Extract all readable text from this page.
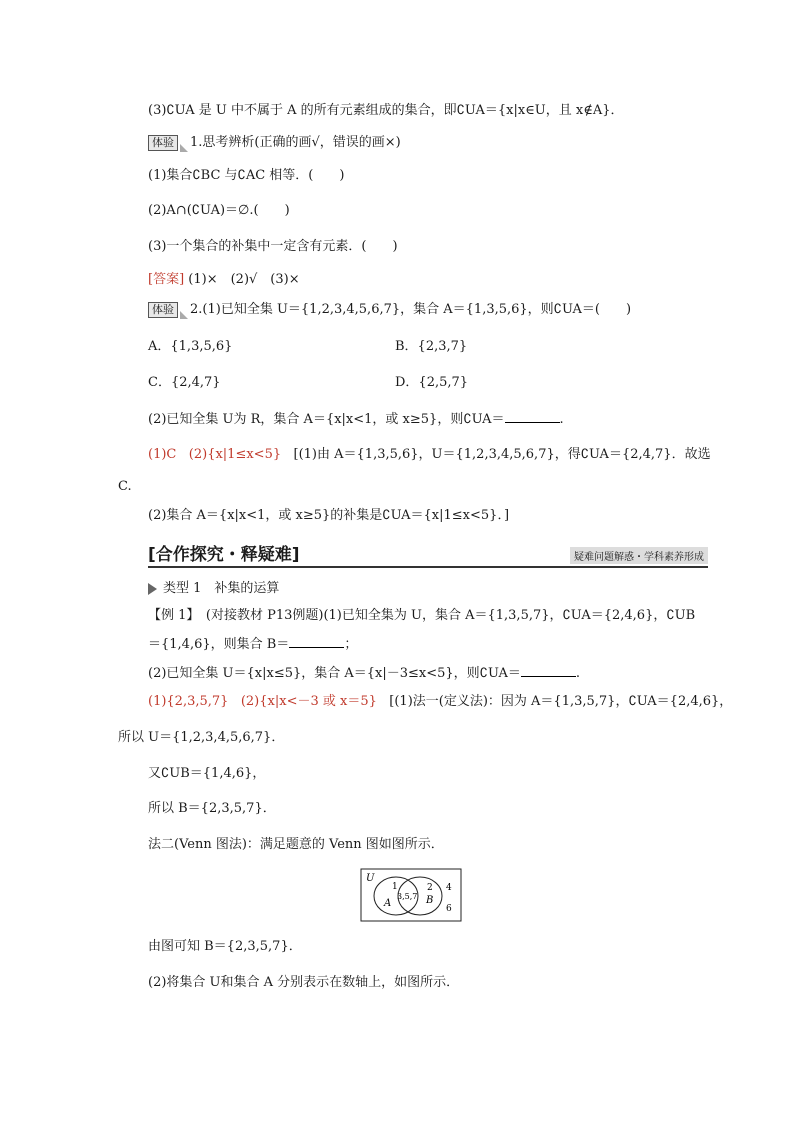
(3)∁UA 是 U 中不属于 A 的所有元素组成的集合，即∁UA＝{x|x∈U，且 x∉A}．
体验 1.思考辨析(正确的画√，错误的画×)
(1)集合∁BC 与∁AC 相等．(　　)
(2)A∩(∁UA)＝∅.(　　)
(3)一个集合的补集中一定含有元素．(　　)
[答案] (1)×　(2)√　(3)×
体验 2.(1)已知全集 U＝{1,2,3,4,5,6,7}，集合 A＝{1,3,5,6}，则∁UA＝(　　)
A．{1,3,5,6}	B．{2,3,7}
C．{2,4,7}	D．{2,5,7}
(2)已知全集 U为 R，集合 A＝{x|x<1，或 x≥5}，则∁UA＝	.
(1)C (2){x|1≤x<5} [(1)由 A＝{1,3,5,6}，U＝{1,2,3,4,5,6,7}，得∁UA＝{2,4,7}．故选
C.
(2)集合 A＝{x|x<1，或 x≥5}的补集是∁UA＝{x|1≤x<5}．]
[合作探究・释疑难]	疑难问题解惑・学科素养形成
类型 1　补集的运算
【例 1】　(对接教材 P13例题)(1)已知全集为 U，集合 A＝{1,3,5,7}，∁UA＝{2,4,6}，∁UB
＝{1,4,6}，则集合 B＝	；
(2)已知全集 U＝{x|x≤5}，集合 A＝{x|－3≤x<5}，则∁UA＝	.
(1){2,3,5,7} (2){x|x<－3 或 x＝5} [(1)法一(定义法)：因为 A＝{1,3,5,7}，∁UA＝{2,4,6}，
所以 U＝{1,2,3,4,5,6,7}．
又∁UB＝{1,4,6}，
所以 B＝{2,3,5,7}．
法二(Venn 图法)：满足题意的 Venn 图如图所示．
U
1
A
3,5,7
2
B
4
6
由图可知 B＝{2,3,5,7}．
(2)将集合 U和集合 A 分别表示在数轴上，如图所示．
